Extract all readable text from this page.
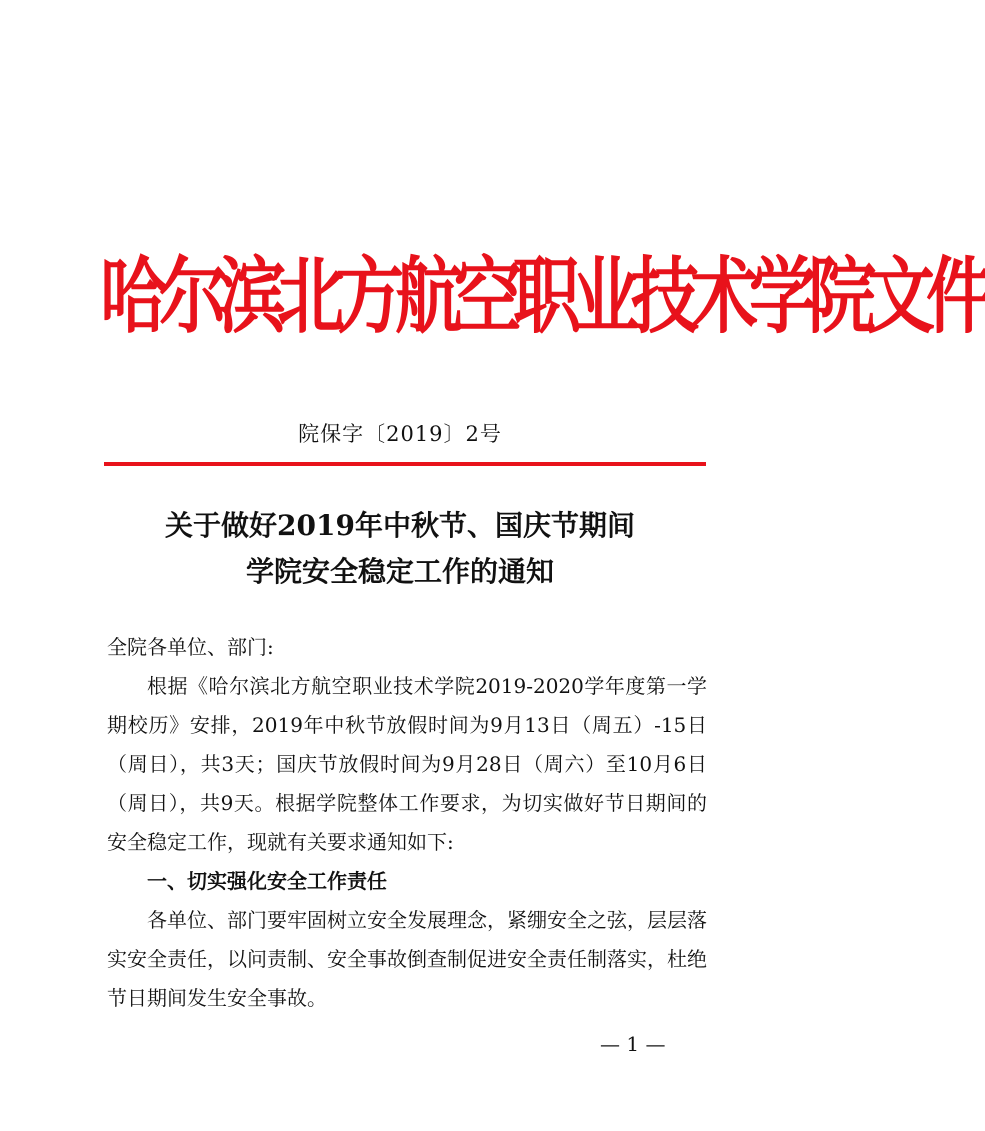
哈尔滨北方航空职业技术学院文件
院保字〔2019〕2号
关于做好2019年中秋节、国庆节期间
学院安全稳定工作的通知

全院各单位、部门:

根据《哈尔滨北方航空职业技术学院2019-2020学年度第一学期校历》安排，2019年中秋节放假时间为9月13日（周五）-15日（周日），共3天；国庆节放假时间为9月28日（周六）至10月6日（周日），共9天。根据学院整体工作要求，为切实做好节日期间的安全稳定工作，现就有关要求通知如下:

一、切实强化安全工作责任

各单位、部门要牢固树立安全发展理念，紧绷安全之弦，层层落实安全责任，以问责制、安全事故倒查制促进安全责任制落实，杜绝节日期间发生安全事故。

— 1 —
